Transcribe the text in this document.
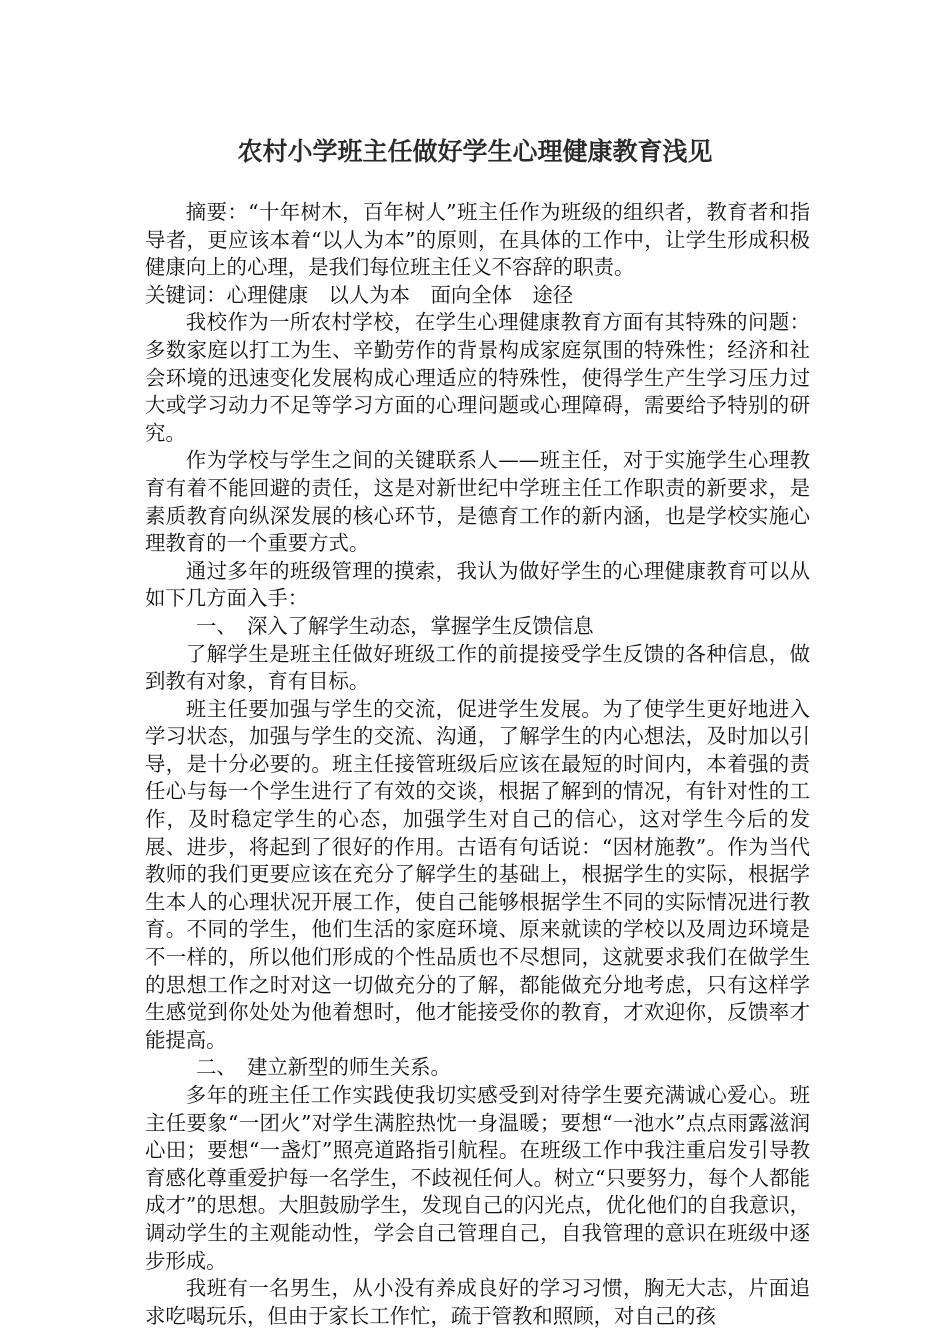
农村小学班主任做好学生心理健康教育浅见

摘要：“十年树木，百年树人”班主任作为班级的组织者，教育者和指导者，更应该本着“以人为本”的原则，在具体的工作中，让学生形成积极健康向上的心理，是我们每位班主任义不容辞的职责。

关键词：心理健康　以人为本　面向全体　途径

我校作为一所农村学校，在学生心理健康教育方面有其特殊的问题：多数家庭以打工为生、辛勤劳作的背景构成家庭氛围的特殊性；经济和社会环境的迅速变化发展构成心理适应的特殊性，使得学生产生学习压力过大或学习动力不足等学习方面的心理问题或心理障碍，需要给予特别的研究。

作为学校与学生之间的关键联系人——班主任，对于实施学生心理教育有着不能回避的责任，这是对新世纪中学班主任工作职责的新要求，是素质教育向纵深发展的核心环节，是德育工作的新内涵，也是学校实施心理教育的一个重要方式。

通过多年的班级管理的摸索，我认为做好学生的心理健康教育可以从如下几方面入手：

一、　深入了解学生动态，掌握学生反馈信息

了解学生是班主任做好班级工作的前提接受学生反馈的各种信息，做到教有对象，育有目标。

班主任要加强与学生的交流，促进学生发展。为了使学生更好地进入学习状态，加强与学生的交流、沟通，了解学生的内心想法，及时加以引导，是十分必要的。班主任接管班级后应该在最短的时间内，本着强的责任心与每一个学生进行了有效的交谈，根据了解到的情况，有针对性的工作，及时稳定学生的心态，加强学生对自己的信心，这对学生今后的发展、进步，将起到了很好的作用。古语有句话说：“因材施教”。作为当代教师的我们更要应该在充分了解学生的基础上，根据学生的实际，根据学生本人的心理状况开展工作，使自己能够根据学生不同的实际情况进行教育。不同的学生，他们生活的家庭环境、原来就读的学校以及周边环境是不一样的，所以他们形成的个性品质也不尽想同，这就要求我们在做学生的思想工作之时对这一切做充分的了解，都能做充分地考虑，只有这样学生感觉到你处处为他着想时，他才能接受你的教育，才欢迎你，反馈率才能提高。

二、　建立新型的师生关系。

多年的班主任工作实践使我切实感受到对待学生要充满诚心爱心。班主任要象“一团火”对学生满腔热忱一身温暖；要想“一池水”点点雨露滋润心田；要想“一盏灯”照亮道路指引航程。在班级工作中我注重启发引导教育感化尊重爱护每一名学生，不歧视任何人。树立“只要努力，每个人都能成才”的思想。大胆鼓励学生，发现自己的闪光点，优化他们的自我意识，调动学生的主观能动性，学会自己管理自己，自我管理的意识在班级中逐步形成。

我班有一名男生，从小没有养成良好的学习习惯，胸无大志，片面追求吃喝玩乐，但由于家长工作忙，疏于管教和照顾，对自己的孩
